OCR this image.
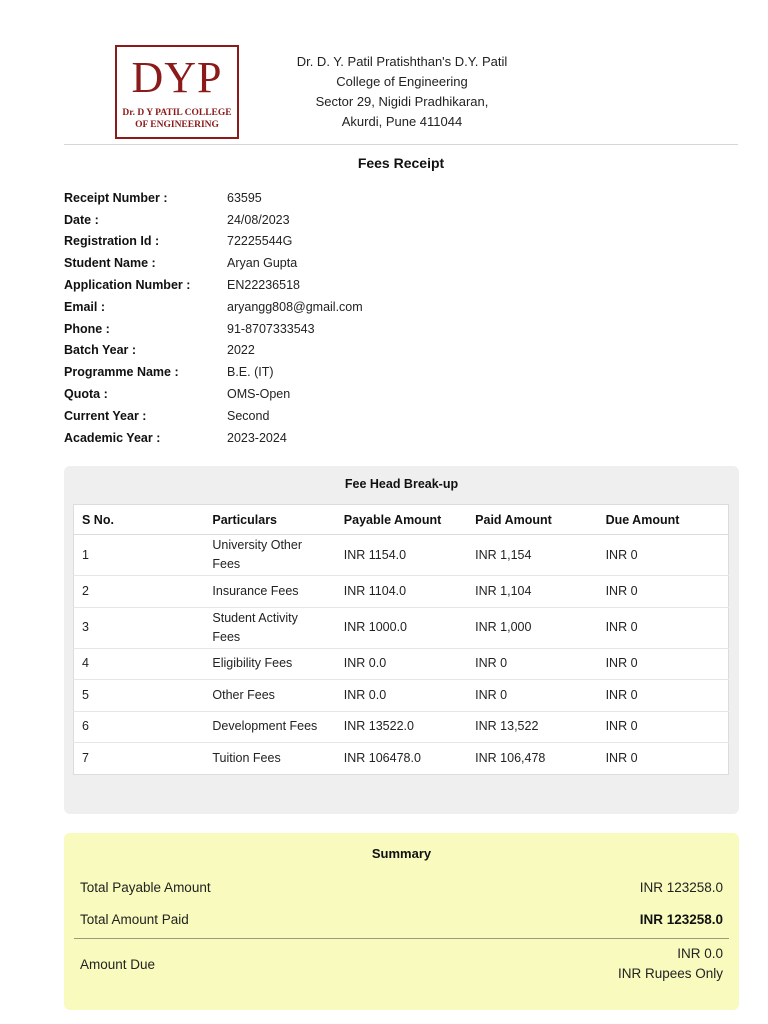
DY͏P
Dr. D Y PATIL COLLEGE
OF ENGINEERING
Dr. D. Y. Patil Pratishthan's D.Y. Patil
College of Engineering
Sector 29, Nigidi Pradhikaran,
Akurdi, Pune 411044
Fees Receipt
Receipt Number :	63595
Date :	24/08/2023
Registration Id :	72225544G
Student Name :	Aryan Gupta
Application Number :	EN22236518
Email :	aryangg808@gmail.com
Phone :	91-8707333543
Batch Year :	2022
Programme Name :	B.E. (IT)
Quota :	OMS-Open
Current Year :	Second
Academic Year :	2023-2024
Fee Head Break-up
S No.	Particulars	Payable Amount	Paid Amount	Due Amount
1	University Other Fees	INR 1154.0	INR 1,154	INR 0
2	Insurance Fees	INR 1104.0	INR 1,104	INR 0
3	Student Activity Fees	INR 1000.0	INR 1,000	INR 0
4	Eligibility Fees	INR 0.0	INR 0	INR 0
5	Other Fees	INR 0.0	INR 0	INR 0
6	Development Fees	INR 13522.0	INR 13,522	INR 0
7	Tuition Fees	INR 106478.0	INR 106,478	INR 0
Summary
Total Payable Amount	INR 123258.0
Total Amount Paid	INR 123258.0
Amount Due
INR 0.0
INR Rupees Only
